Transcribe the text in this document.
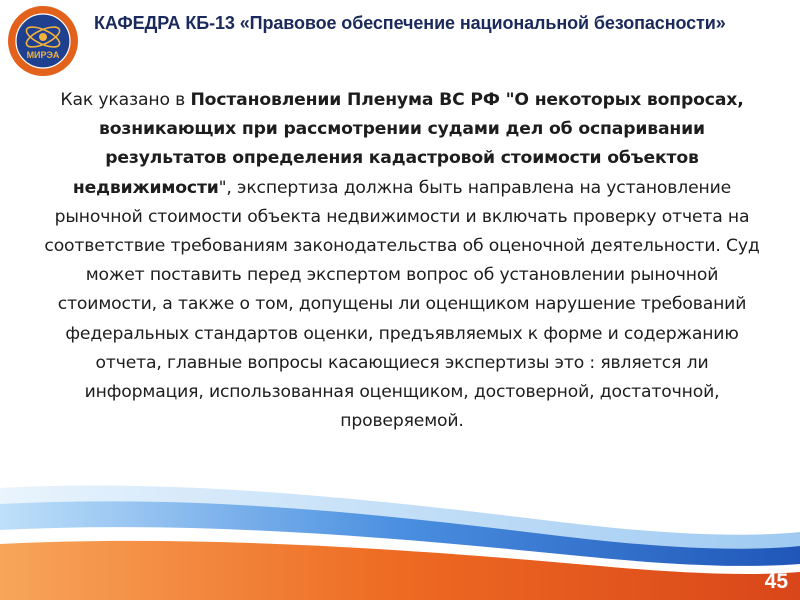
МИРЭА
КАФЕДРА КБ-13 «Правовое обеспечение национальной безопасности»
Как указано в Постановлении Пленума ВС РФ "О некоторых вопросах, возникающих при рассмотрении судами дел об оспаривании результатов определения кадастровой стоимости объектов недвижимости", экспертиза должна быть направлена на установление рыночной стоимости объекта недвижимости и включать проверку отчета на соответствие требованиям законодательства об оценочной деятельности. Суд может поставить перед экспертом вопрос об установлении рыночной стоимости, а также о том, допущены ли оценщиком нарушение требований федеральных стандартов оценки, предъявляемых к форме и содержанию отчета, главные вопросы касающиеся экспертизы это : является ли информация, использованная оценщиком, достоверной, достаточной, проверяемой.
45
